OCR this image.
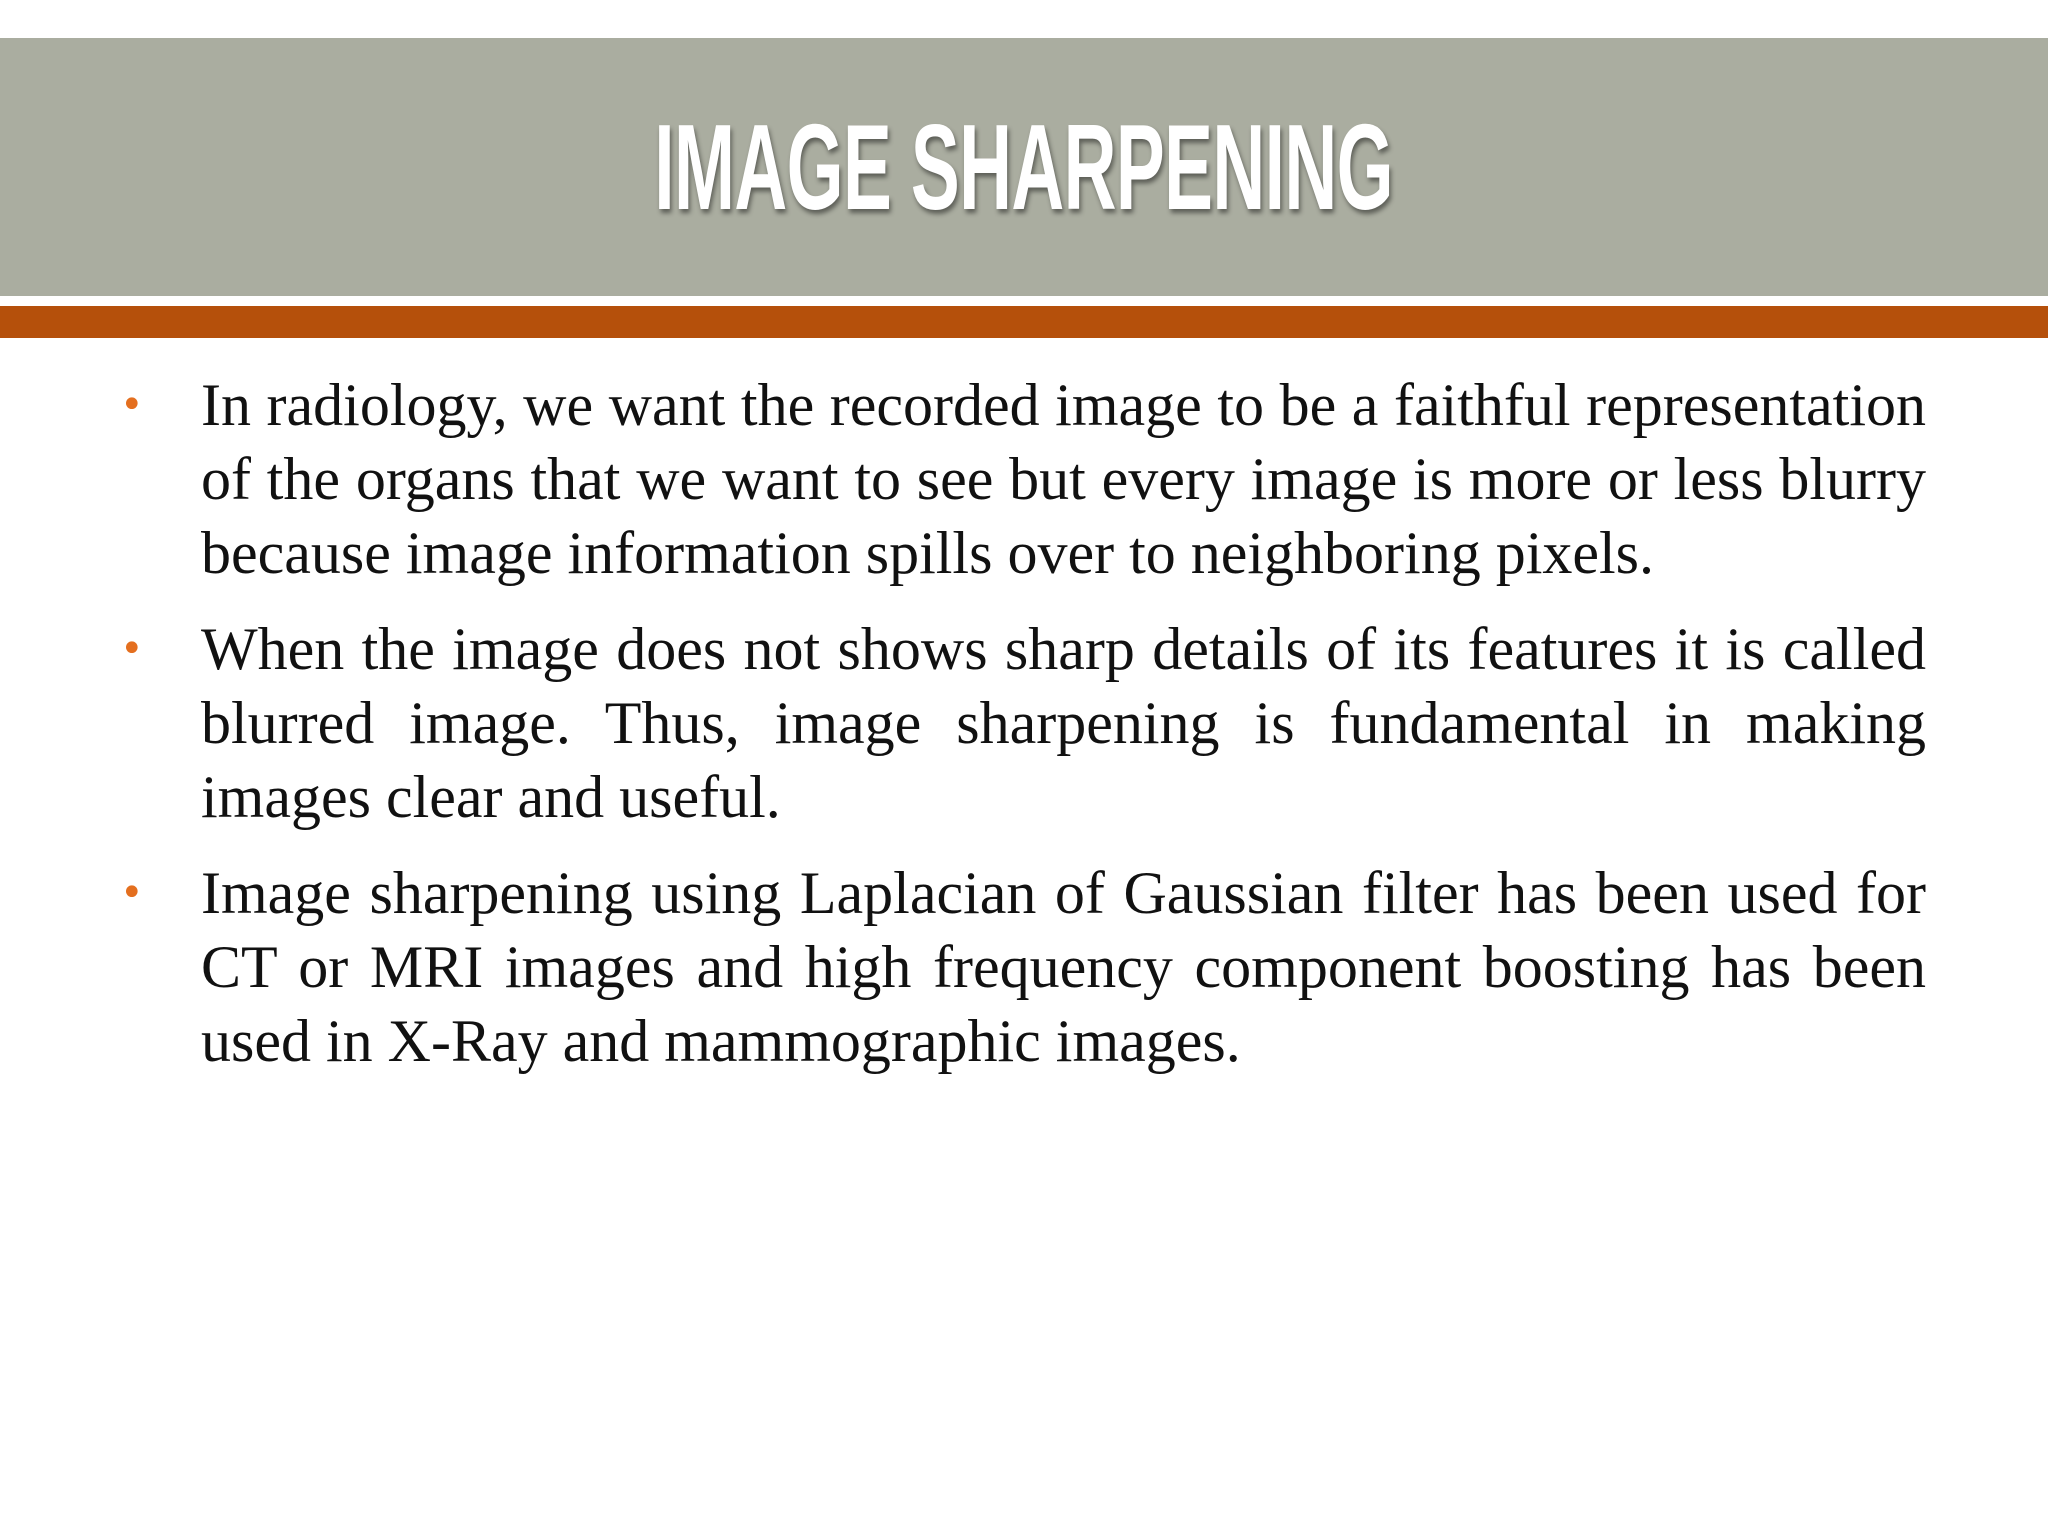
IMAGE SHARPENING
• In radiology, we want the recorded image to be a faithful representation of the organs that we want to see but every image is more or less blurry because image information spills over to neighboring pixels.
• When the image does not shows sharp details of its features it is called blurred image. Thus, image sharpening is fundamental in making images clear and useful.
• Image sharpening using Laplacian of Gaussian filter has been used for CT or MRI images and high frequency component boosting has been used in X-Ray and mammographic images.
